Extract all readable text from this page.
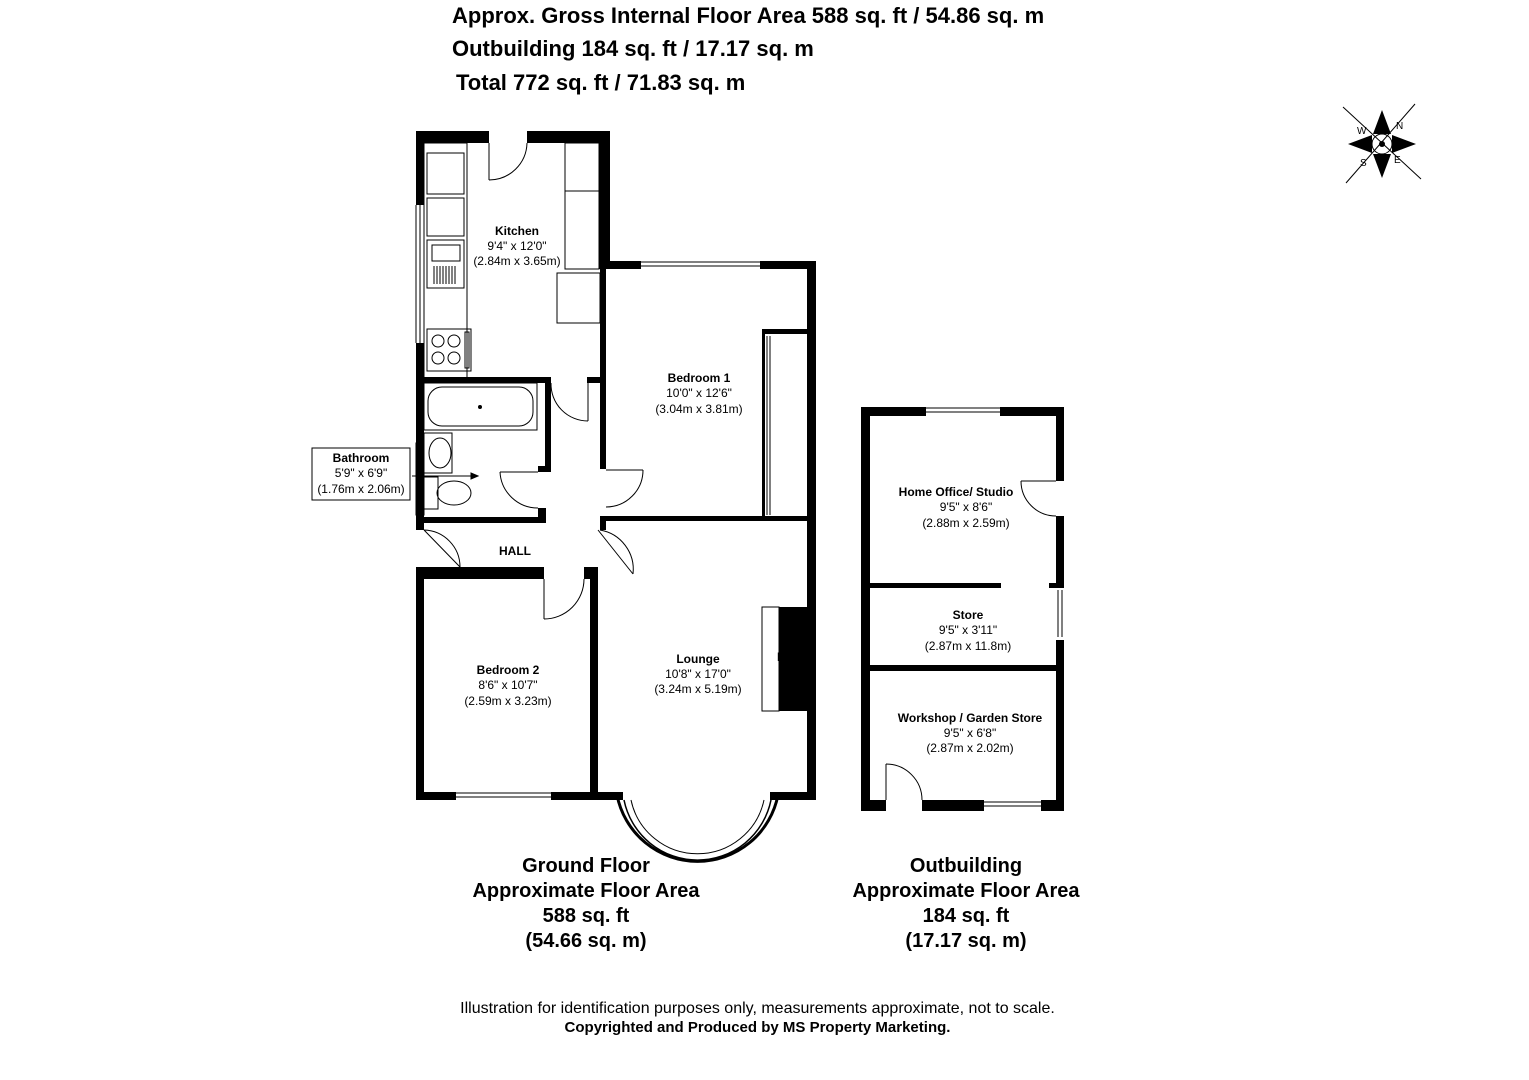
Approx. Gross Internal Floor Area 588 sq. ft / 54.86 sq. m
Outbuilding 184 sq. ft / 17.17 sq. m
Total 772 sq. ft / 71.83 sq. m
N
E
S
W
Kitchen
9'4" x 12'0"
(2.84m x 3.65m)
Bedroom 1
10'0" x 12'6"
(3.04m x 3.81m)
Bathroom
5'9" x 6'9"
(1.76m x 2.06m)
HALL
Bedroom 2
8'6" x 10'7"
(2.59m x 3.23m)
Lounge
10'8" x 17'0"
(3.24m x 5.19m)
FP
Home Office/ Studio
9'5" x 8'6"
(2.88m x 2.59m)
Store
9'5" x 3'11"
(2.87m x 11.8m)
Workshop / Garden Store
9'5" x 6'8"
(2.87m x 2.02m)
Ground Floor
Approximate Floor Area
588 sq. ft
(54.66 sq. m)
Outbuilding
Approximate Floor Area
184 sq. ft
(17.17 sq. m)
Illustration for identification purposes only, measurements approximate, not to scale.
Copyrighted and Produced by MS Property Marketing.
